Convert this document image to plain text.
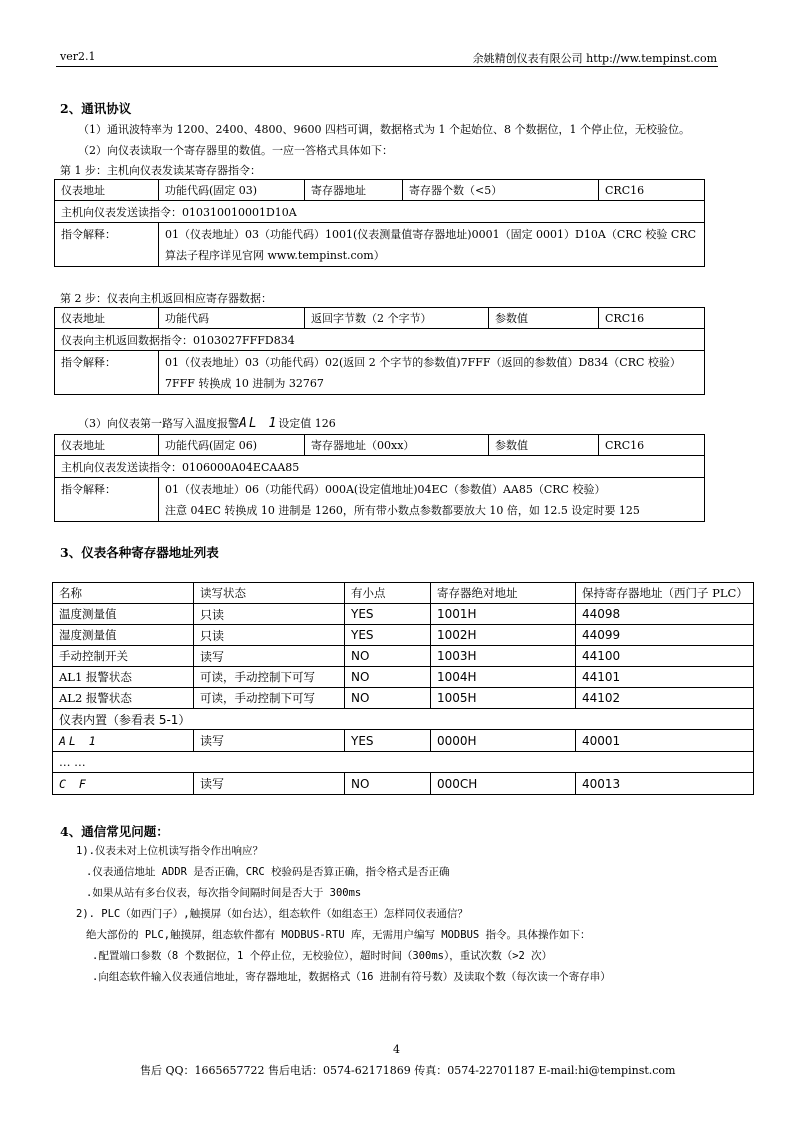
ver2.1	余姚精创仪表有限公司 http://ww.tempinst.com
2、通讯协议
（1）通讯波特率为 1200、2400、4800、9600 四档可调，数据格式为 1 个起始位、8 个数据位，1 个停止位，无校验位。
（2）向仪表读取一个寄存器里的数值。一应一答格式具体如下：
第 1 步：主机向仪表发读某寄存器指令：
仪表地址	功能代码(固定 03)	寄存器地址	寄存器个数（<5）	CRC16
主机向仪表发送读指令：010310010001D10A				
指令解释：	01（仪表地址）03（功能代码）1001(仪表测量值寄存器地址)0001（固定 0001）D10A（CRC 校验 CRC 算法子程序详见官网 www.tempinst.com）			
第 2 步：仪表向主机返回相应寄存器数据：
仪表地址	功能代码	返回字节数（2 个字节）	参数值	CRC16
仪表向主机返回数据指令：0103027FFFD834				
指令解释：	01（仪表地址）03（功能代码）02(返回 2 个字节的参数值)7FFF（返回的参数值）D834（CRC 校验）
7FFF 转换成 10 进制为 32767			
（3）向仪表第一路写入温度报警AL 1设定值 126
仪表地址	功能代码(固定 06)	寄存器地址（00xx）	参数值	CRC16
主机向仪表发送读指令：0106000A04ECAA85				
指令解释：	01（仪表地址）06（功能代码）000A(设定值地址)04EC（参数值）AA85（CRC 校验）
注意 04EC 转换成 10 进制是 1260，所有带小数点参数都要放大 10 倍，如 12.5 设定时要 125			
3、仪表各种寄存器地址列表
名称	读写状态	有小点	寄存器绝对地址	保持寄存器地址（西门子 PLC）
温度测量值	只读	YES	1001H	44098
湿度测量值	只读	YES	1002H	44099
手动控制开关	读写	NO	1003H	44100
AL1 报警状态	可读，手动控制下可写	NO	1004H	44101
AL2 报警状态	可读，手动控制下可写	NO	1005H	44102
仪表内置（参看表 5-1）				
AL 1	读写	YES	0000H	40001
… …				
C F	读写	NO	000CH	40013
4、通信常见问题：
1).仪表未对上位机读写指令作出响应？
.仪表通信地址 ADDR 是否正确，CRC 校验码是否算正确，指令格式是否正确
.如果从站有多台仪表，每次指令间隔时间是否大于 300ms
2). PLC（如西门子）,触摸屏（如台达），组态软件（如组态王）怎样同仪表通信？
绝大部份的 PLC,触摸屏，组态软件都有 MODBUS-RTU 库，无需用户编写 MODBUS 指令。具体操作如下：
.配置端口参数（8 个数据位，1 个停止位，无校验位），超时时间（300ms），重试次数（>2 次）
.向组态软件输入仪表通信地址，寄存器地址，数据格式（16 进制有符号数）及读取个数（每次读一个寄存串）
4
售后 QQ：1665657722 售后电话：0574-62171869 传真：0574-22701187 E-mail:hi@tempinst.com
